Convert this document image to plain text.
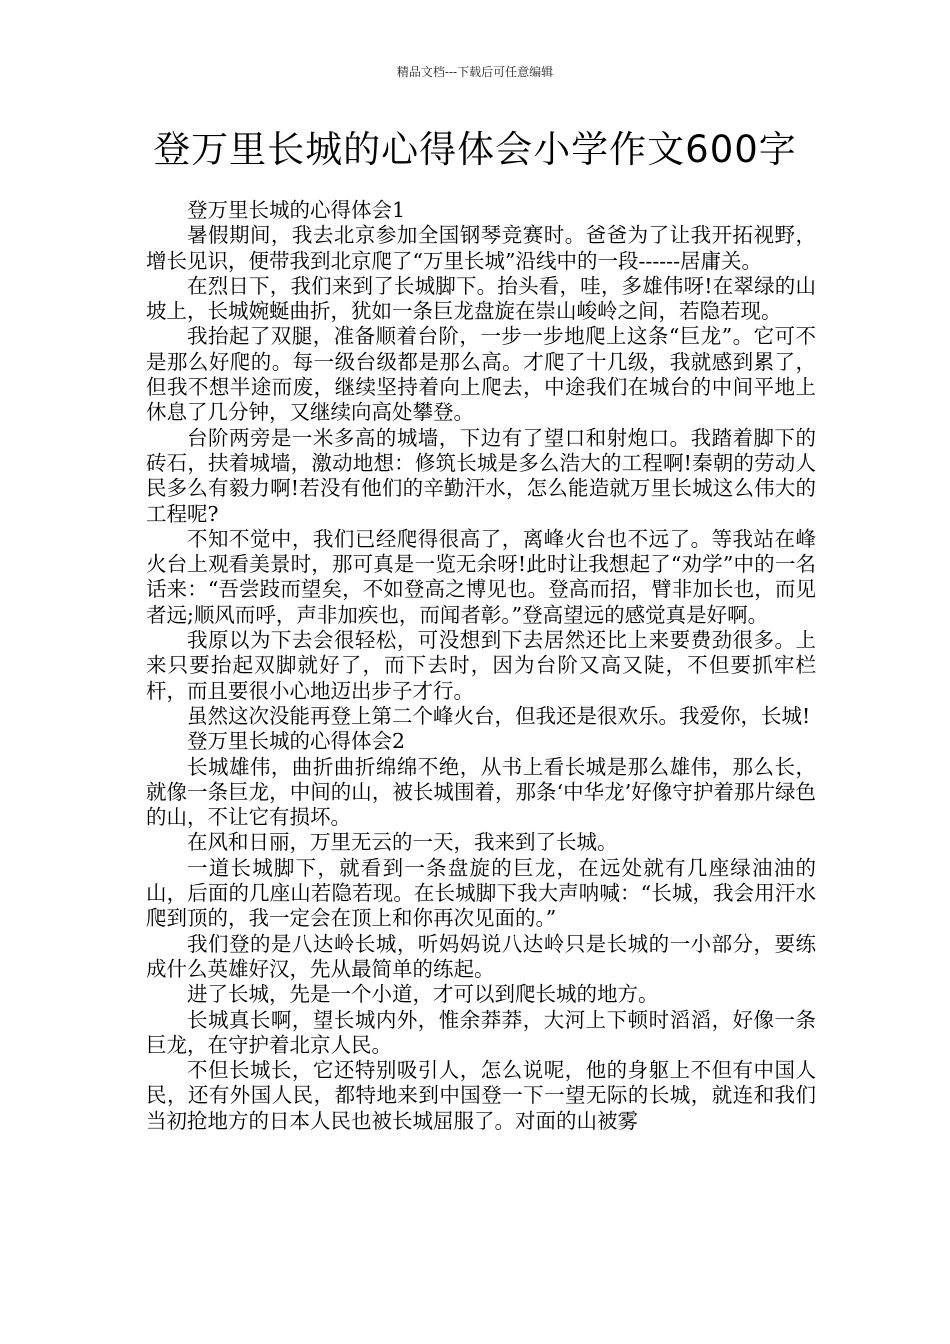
精品文档---下载后可任意编辑
登万里长城的心得体会小学作文600字

登万里长城的心得体会1

暑假期间，我去北京参加全国钢琴竞赛时。爸爸为了让我开拓视野，增长见识，便带我到北京爬了“万里长城”沿线中的一段------居庸关。

在烈日下，我们来到了长城脚下。抬头看，哇，多雄伟呀!在翠绿的山坡上，长城婉蜒曲折，犹如一条巨龙盘旋在崇山峻岭之间，若隐若现。

我抬起了双腿，准备顺着台阶，一步一步地爬上这条“巨龙”。它可不是那么好爬的。每一级台级都是那么高。才爬了十几级，我就感到累了，但我不想半途而废，继续坚持着向上爬去，中途我们在城台的中间平地上休息了几分钟，又继续向高处攀登。

台阶两旁是一米多高的城墙，下边有了望口和射炮口。我踏着脚下的砖石，扶着城墙，激动地想：修筑长城是多么浩大的工程啊!秦朝的劳动人民多么有毅力啊!若没有他们的辛勤汗水，怎么能造就万里长城这么伟大的工程呢?

不知不觉中，我们已经爬得很高了，离峰火台也不远了。等我站在峰火台上观看美景时，那可真是一览无余呀!此时让我想起了“劝学”中的一名话来：“吾尝跂而望矣，不如登高之博见也。登高而招，臂非加长也，而见者远;顺风而呼，声非加疾也，而闻者彰。”登高望远的感觉真是好啊。

我原以为下去会很轻松，可没想到下去居然还比上来要费劲很多。上来只要抬起双脚就好了，而下去时，因为台阶又高又陡，不但要抓牢栏杆，而且要很小心地迈出步子才行。

虽然这次没能再登上第二个峰火台，但我还是很欢乐。我爱你，长城!

登万里长城的心得体会2

长城雄伟，曲折曲折绵绵不绝，从书上看长城是那么雄伟，那么长，就像一条巨龙，中间的山，被长城围着，那条‘中华龙’好像守护着那片绿色的山，不让它有损坏。

在风和日丽，万里无云的一天，我来到了长城。

一道长城脚下，就看到一条盘旋的巨龙，在远处就有几座绿油油的山，后面的几座山若隐若现。在长城脚下我大声呐喊：“长城，我会用汗水爬到顶的，我一定会在顶上和你再次见面的。”

我们登的是八达岭长城，听妈妈说八达岭只是长城的一小部分，要练成什么英雄好汉，先从最简单的练起。

进了长城，先是一个小道，才可以到爬长城的地方。

长城真长啊，望长城内外，惟余莽莽，大河上下顿时滔滔，好像一条巨龙，在守护着北京人民。

不但长城长，它还特别吸引人，怎么说呢，他的身躯上不但有中国人民，还有外国人民，都特地来到中国登一下一望无际的长城，就连和我们当初抢地方的日本人民也被长城屈服了。对面的山被雾
